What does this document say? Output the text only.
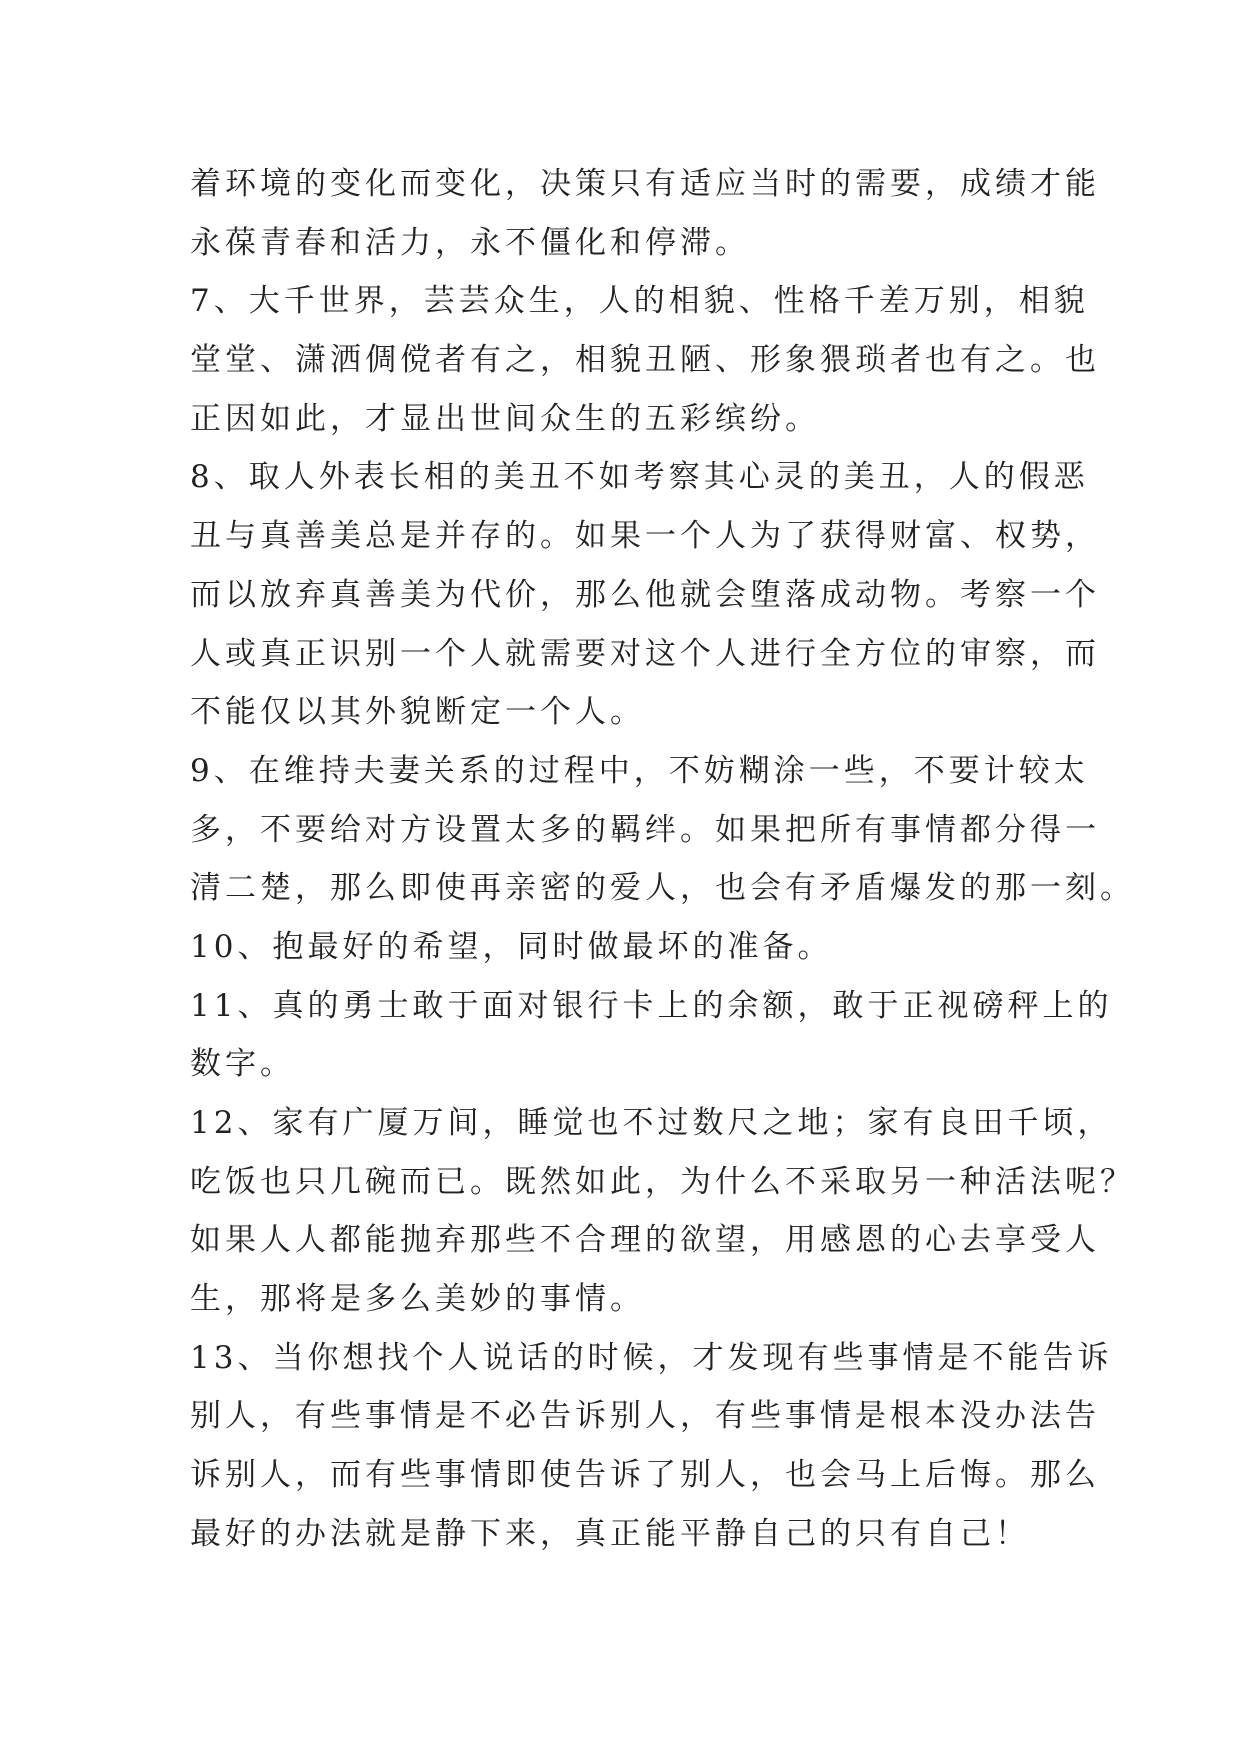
着环境的变化而变化，决策只有适应当时的需要，成绩才能
永葆青春和活力，永不僵化和停滞。
7、大千世界，芸芸众生，人的相貌、性格千差万别，相貌
堂堂、潇洒倜傥者有之，相貌丑陋、形象猥琐者也有之。也
正因如此，才显出世间众生的五彩缤纷。
8、取人外表长相的美丑不如考察其心灵的美丑，人的假恶
丑与真善美总是并存的。如果一个人为了获得财富、权势，
而以放弃真善美为代价，那么他就会堕落成动物。考察一个
人或真正识别一个人就需要对这个人进行全方位的审察，而
不能仅以其外貌断定一个人。
9、在维持夫妻关系的过程中，不妨糊涂一些，不要计较太
多，不要给对方设置太多的羁绊。如果把所有事情都分得一
清二楚，那么即使再亲密的爱人，也会有矛盾爆发的那一刻。
10、抱最好的希望，同时做最坏的准备。
11、真的勇士敢于面对银行卡上的余额，敢于正视磅秤上的
数字。
12、家有广厦万间，睡觉也不过数尺之地；家有良田千顷，
吃饭也只几碗而已。既然如此，为什么不采取另一种活法呢？
如果人人都能抛弃那些不合理的欲望，用感恩的心去享受人
生，那将是多么美妙的事情。
13、当你想找个人说话的时候，才发现有些事情是不能告诉
别人，有些事情是不必告诉别人，有些事情是根本没办法告
诉别人，而有些事情即使告诉了别人，也会马上后悔。那么
最好的办法就是静下来，真正能平静自己的只有自己！
